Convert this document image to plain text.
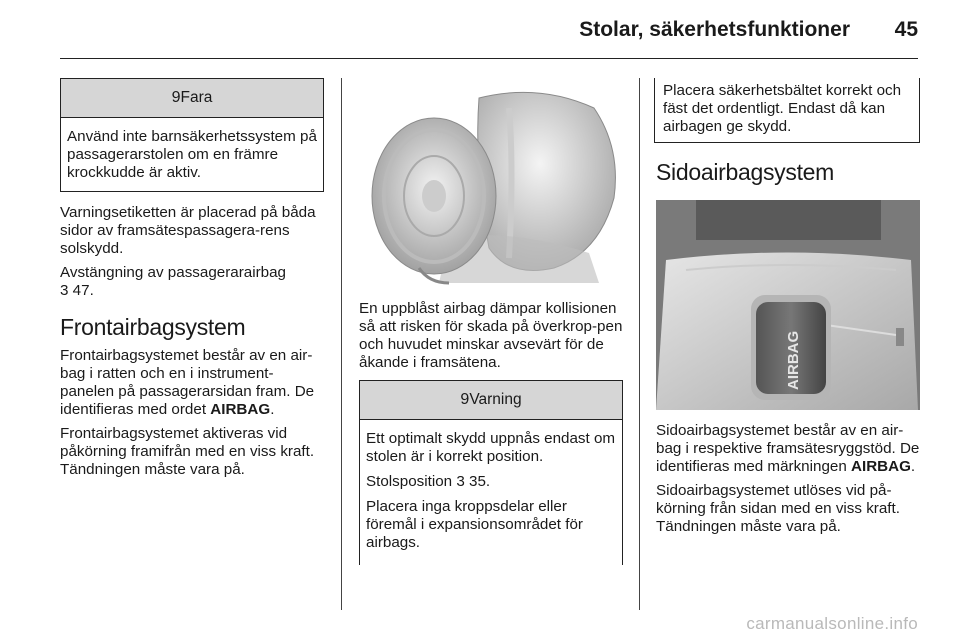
Stolar, säkerhetsfunktioner 45
9Fara

Använd inte barnsäkerhetssystem på passagerarstolen om en främre krockkudde är aktiv.

Varningsetiketten är placerad på båda sidor av framsätespassagera-rens solskydd.

Avstängning av passagerarairbag
3 47.

Frontairbagsystem

Frontairbagsystemet består av en air-bag i ratten och en i instrument-panelen på passagerarsidan fram. De identifieras med ordet AIRBAG.

Frontairbagsystemet aktiveras vid påkörning framifrån med en viss kraft. Tändningen måste vara på.

En uppblåst airbag dämpar kollisionen så att risken för skada på överkrop-pen och huvudet minskar avsevärt för de åkande i framsätena.

9Varning

Ett optimalt skydd uppnås endast om stolen är i korrekt position.

Stolsposition 3 35.

Placera inga kroppsdelar eller föremål i expansionsområdet för airbags.

Placera säkerhetsbältet korrekt och fäst det ordentligt. Endast då kan airbagen ge skydd.

Sidoairbagsystem
AIRBAG

Sidoairbagsystemet består av en air-bag i respektive framsätesryggstöd. De identifieras med märkningen AIRBAG.

Sidoairbagsystemet utlöses vid på-körning från sidan med en viss kraft. Tändningen måste vara på.

carmanualsonline.info
